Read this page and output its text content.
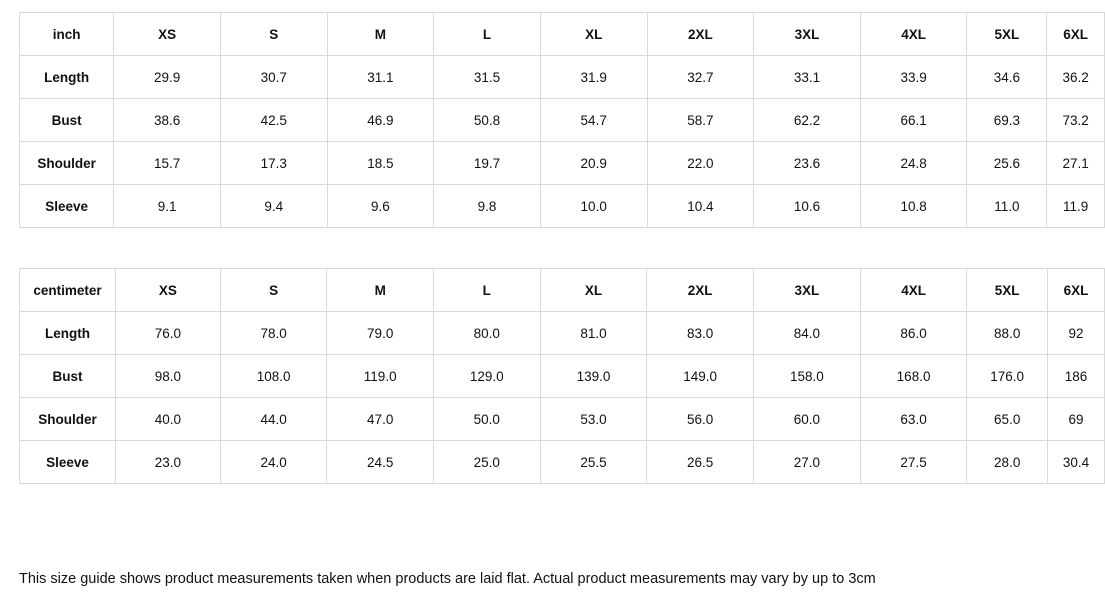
inch	XS	S	M	L	XL	2XL	3XL	4XL	5XL	6XL
Length	29.9	30.7	31.1	31.5	31.9	32.7	33.1	33.9	34.6	36.2
Bust	38.6	42.5	46.9	50.8	54.7	58.7	62.2	66.1	69.3	73.2
Shoulder	15.7	17.3	18.5	19.7	20.9	22.0	23.6	24.8	25.6	27.1
Sleeve	9.1	9.4	9.6	9.8	10.0	10.4	10.6	10.8	11.0	11.9
centimeter	XS	S	M	L	XL	2XL	3XL	4XL	5XL	6XL
Length	76.0	78.0	79.0	80.0	81.0	83.0	84.0	86.0	88.0	92
Bust	98.0	108.0	119.0	129.0	139.0	149.0	158.0	168.0	176.0	186
Shoulder	40.0	44.0	47.0	50.0	53.0	56.0	60.0	63.0	65.0	69
Sleeve	23.0	24.0	24.5	25.0	25.5	26.5	27.0	27.5	28.0	30.4
This size guide shows product measurements taken when products are laid flat. Actual product measurements may vary by up to 3cm
